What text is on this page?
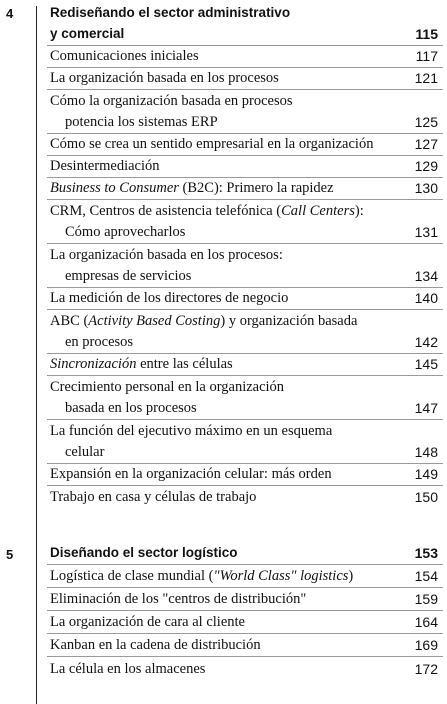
4	Rediseñando el sector administrativo
y comercial	115
Comunicaciones iniciales	117
La organización basada en los procesos	121
Cómo la organización basada en procesos
potencia los sistemas ERP	125
Cómo se crea un sentido empresarial en la organización	127
Desintermediación	129
Business to Consumer (B2C): Primero la rapidez	130
CRM, Centros de asistencia telefónica (Call Centers):
Cómo aprovecharlos	131
La organización basada en los procesos:
empresas de servicios	134
La medición de los directores de negocio	140
ABC (Activity Based Costing) y organización basada
en procesos	142
Sincronización entre las células	145
Crecimiento personal en la organización
basada en los procesos	147
La función del ejecutivo máximo en un esquema
celular	148
Expansión en la organización celular: más orden	149
Trabajo en casa y células de trabajo	150
5	Diseñando el sector logístico	153
Logística de clase mundial ("World Class" logistics)	154
Eliminación de los "centros de distribución"	159
La organización de cara al cliente	164
Kanban en la cadena de distribución	169
La célula en los almacenes	172
